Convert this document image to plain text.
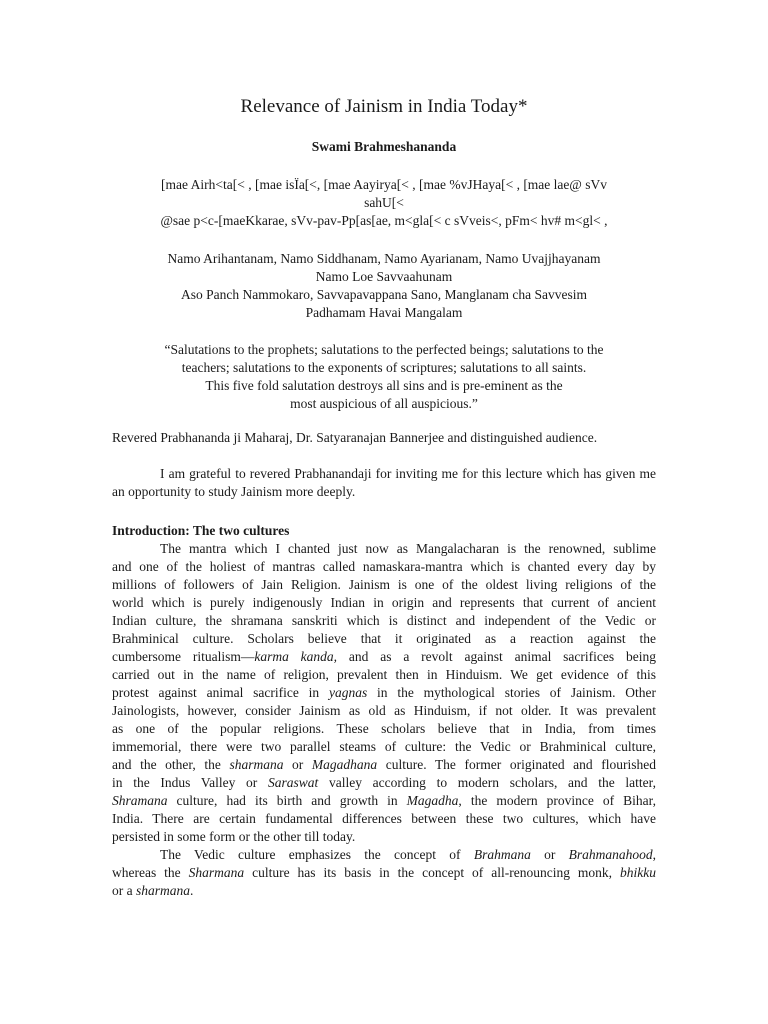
Relevance of Jainism in India Today*
Swami Brahmeshananda
[mae Airh<ta[< , [mae isÏa[<, [mae Aayirya[< , [mae %vJHaya[< , [mae lae@ sVv
sahU[<
@sae p<c-[maeKkarae, sVv-pav-Pp[as[ae, m<gla[< c sVveis<, pFm< hv# m<gl< ,
Namo Arihantanam, Namo Siddhanam, Namo Ayarianam, Namo Uvajjhayanam
Namo Loe Savvaahunam
Aso Panch Nammokaro, Savvapavappana Sano, Manglanam cha Savvesim
Padhamam Havai Mangalam
“Salutations to the prophets; salutations to the perfected beings; salutations to the
teachers; salutations to the exponents of scriptures; salutations to all saints.
This five fold salutation destroys all sins and is pre-eminent as the
most auspicious of all auspicious.”
Revered Prabhananda ji Maharaj, Dr. Satyaranajan Bannerjee and distinguished audience.
I am grateful to revered Prabhanandaji for inviting me for this lecture which has given me an opportunity to study Jainism more deeply.
Introduction: The two cultures
The mantra which I chanted just now as Mangalacharan is the renowned, sublime
and one of the holiest of mantras called namaskara-mantra which is chanted every day by
millions of followers of Jain Religion. Jainism is one of the oldest living religions of the
world which is purely indigenously Indian in origin and represents that current of ancient
Indian culture, the shramana sanskriti which is distinct and independent of the Vedic or
Brahminical culture. Scholars believe that it originated as a reaction against the
cumbersome ritualism—karma kanda, and as a revolt against animal sacrifices being
carried out in the name of religion, prevalent then in Hinduism. We get evidence of this
protest against animal sacrifice in yagnas in the mythological stories of Jainism. Other
Jainologists, however, consider Jainism as old as Hinduism, if not older. It was prevalent
as one of the popular religions. These scholars believe that in India, from times
immemorial, there were two parallel steams of culture: the Vedic or Brahminical culture,
and the other, the sharmana or Magadhana culture. The former originated and flourished
in the Indus Valley or Saraswat valley according to modern scholars, and the latter,
Shramana culture, had its birth and growth in Magadha, the modern province of Bihar,
India. There are certain fundamental differences between these two cultures, which have
persisted in some form or the other till today.
The Vedic culture emphasizes the concept of Brahmana or Brahmanahood,
whereas the Sharmana culture has its basis in the concept of all-renouncing monk, bhikku
or a sharmana.
